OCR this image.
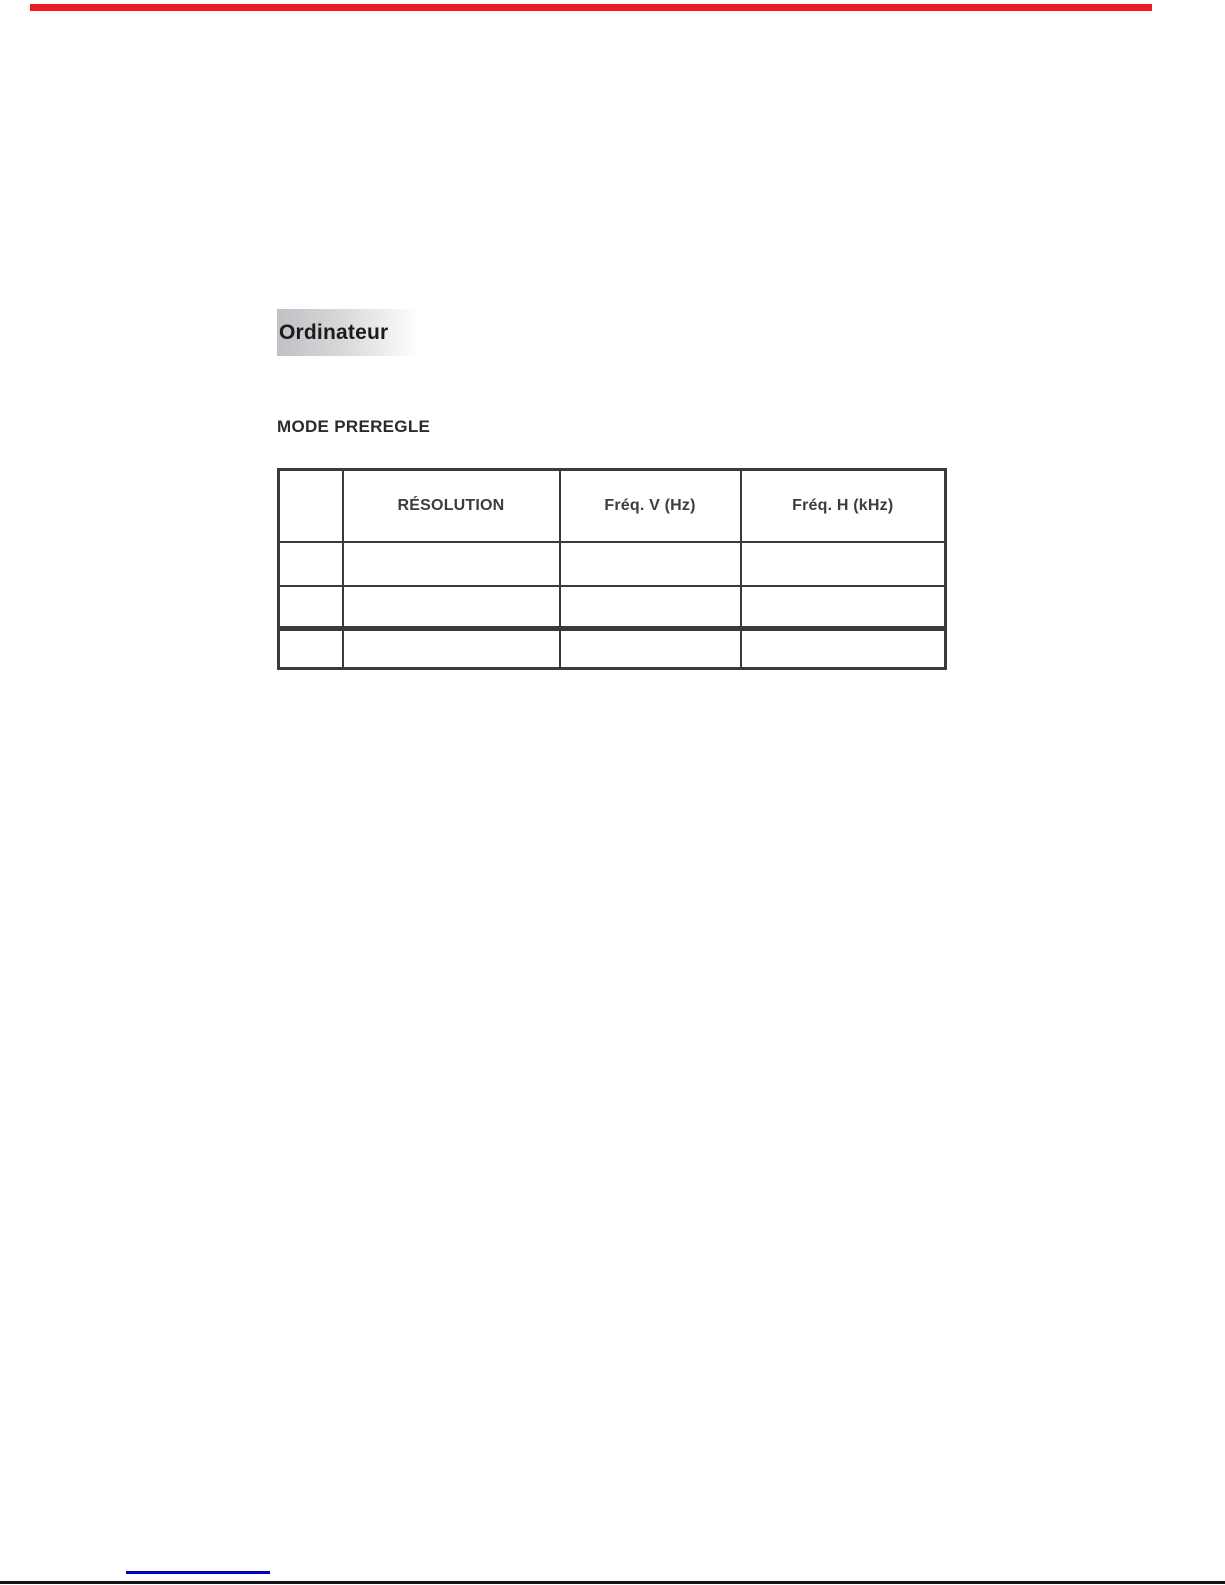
Ordinateur
MODE PREREGLE
	RÉSOLUTION	Fréq. V (Hz)	Fréq. H (kHz)
